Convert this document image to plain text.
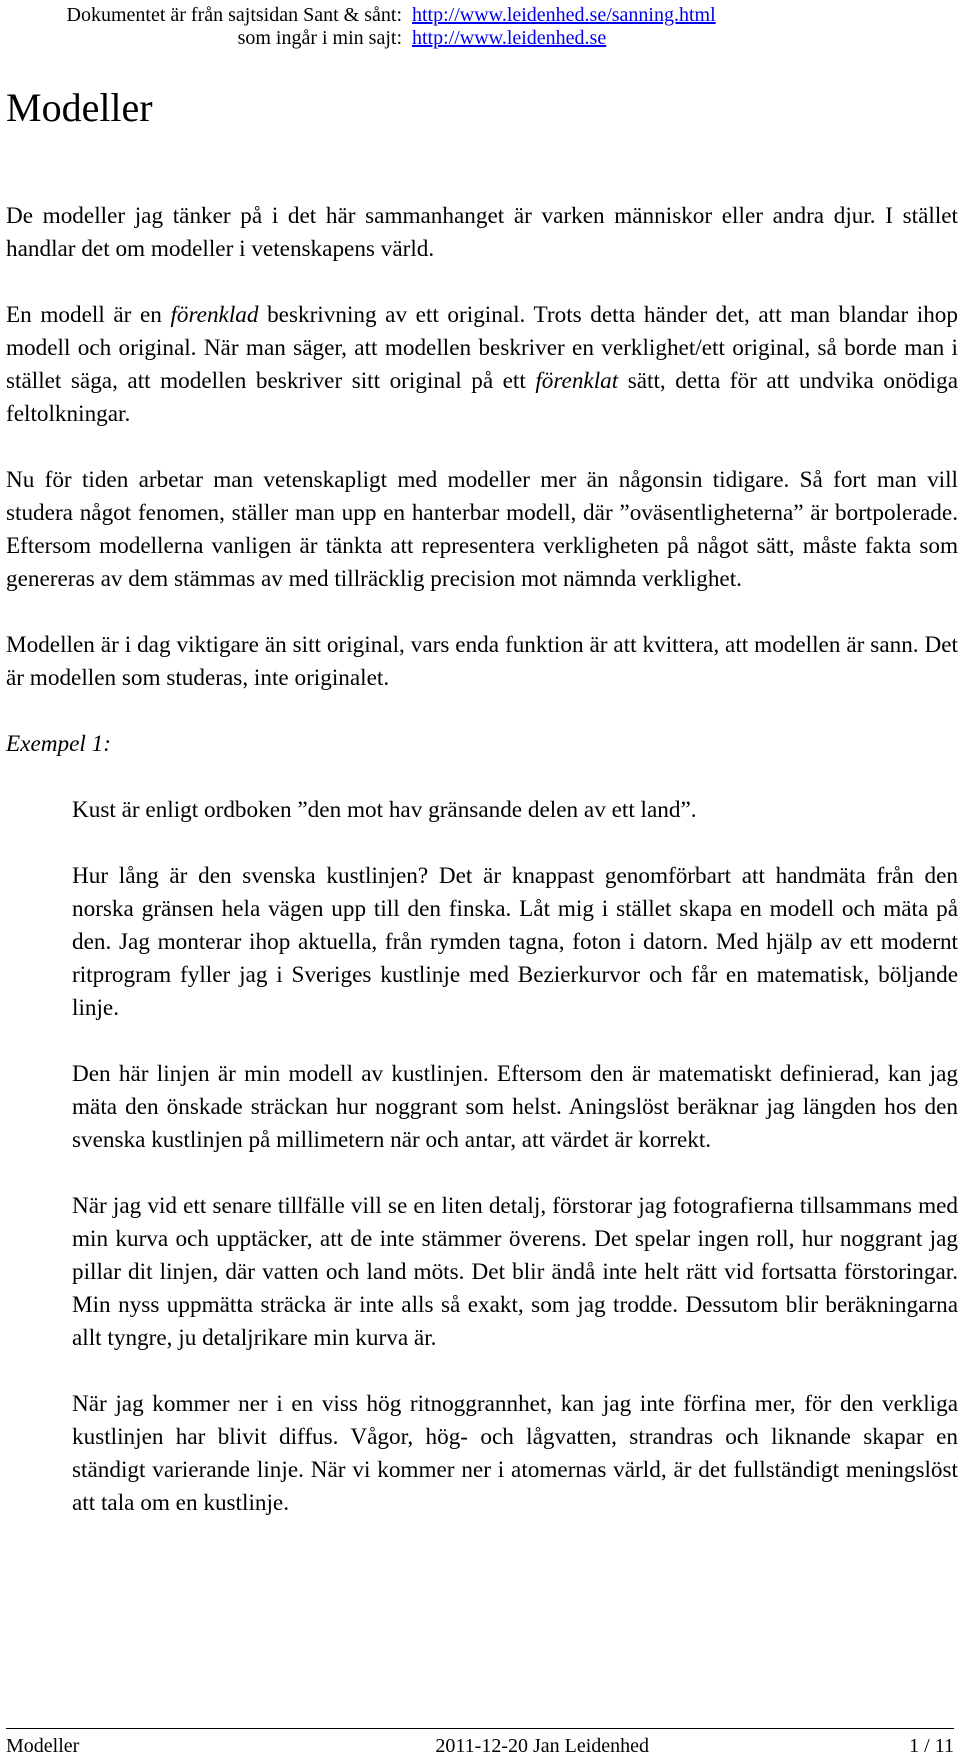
Dokumentet är från sajtsidan Sant & sånt: http://www.leidenhed.se/sanning.html
som ingår i min sajt: http://www.leidenhed.se
Modeller

De modeller jag tänker på i det här sammanhanget är varken människor eller andra djur. I stället handlar det om modeller i vetenskapens värld.

En modell är en förenklad beskrivning av ett original. Trots detta händer det, att man blandar ihop modell och original. När man säger, att modellen beskriver en verklighet/ett original, så borde man i stället säga, att modellen beskriver sitt original på ett förenklat sätt, detta för att undvika onödiga feltolkningar.

Nu för tiden arbetar man vetenskapligt med modeller mer än någonsin tidigare. Så fort man vill studera något fenomen, ställer man upp en hanterbar modell, där ”oväsentligheterna” är bortpolerade. Eftersom modellerna vanligen är tänkta att representera verkligheten på något sätt, måste fakta som genereras av dem stämmas av med tillräcklig precision mot nämnda verklighet.

Modellen är i dag viktigare än sitt original, vars enda funktion är att kvittera, att modellen är sann. Det är modellen som studeras, inte originalet.

Exempel 1:

Kust är enligt ordboken ”den mot hav gränsande delen av ett land”.

Hur lång är den svenska kustlinjen? Det är knappast genomförbart att handmäta från den norska gränsen hela vägen upp till den finska. Låt mig i stället skapa en modell och mäta på den. Jag monterar ihop aktuella, från rymden tagna, foton i datorn. Med hjälp av ett modernt ritprogram fyller jag i Sveriges kustlinje med Bezierkurvor och får en matematisk, böljande linje.

Den här linjen är min modell av kustlinjen. Eftersom den är matematiskt definierad, kan jag mäta den önskade sträckan hur noggrant som helst. Aningslöst beräknar jag längden hos den svenska kustlinjen på millimetern när och antar, att värdet är korrekt.

När jag vid ett senare tillfälle vill se en liten detalj, förstorar jag fotografierna tillsammans med min kurva och upptäcker, att de inte stämmer överens. Det spelar ingen roll, hur noggrant jag pillar dit linjen, där vatten och land möts. Det blir ändå inte helt rätt vid fortsatta förstoringar. Min nyss uppmätta sträcka är inte alls så exakt, som jag trodde. Dessutom blir beräkningarna allt tyngre, ju detaljrikare min kurva är.

När jag kommer ner i en viss hög ritnoggrannhet, kan jag inte förfina mer, för den verkliga kustlinjen har blivit diffus. Vågor, hög- och lågvatten, strandras och liknande skapar en ständigt varierande linje. När vi kommer ner i atomernas värld, är det fullständigt meningslöst att tala om en kustlinje.

Modeller	2011-12-20 Jan Leidenhed	1 / 11
